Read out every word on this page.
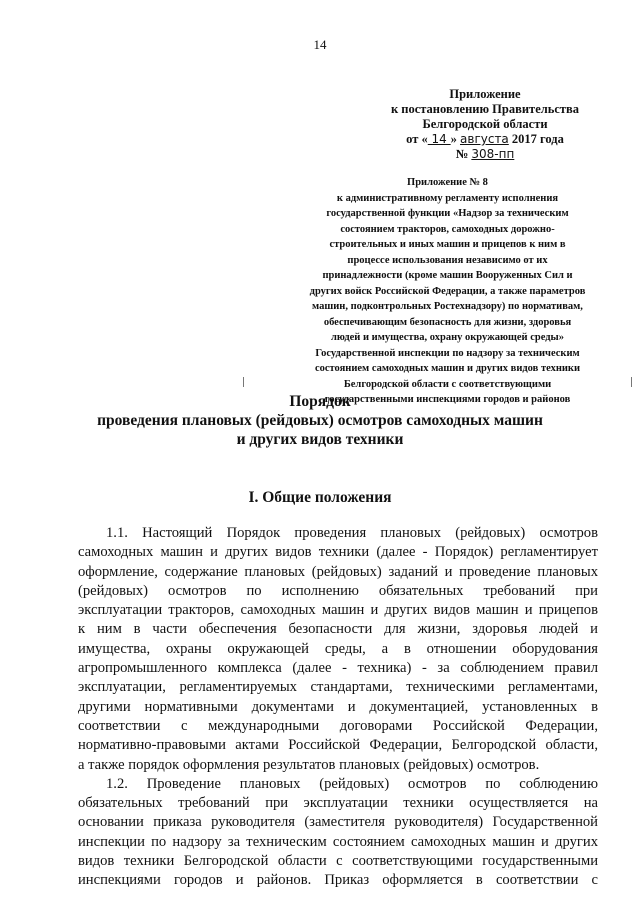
14
Приложение
к постановлению Правительства
Белгородской области
от « 14 » августа 2017 года
№ 308-пп
Приложение № 8
к административному регламенту исполнения
государственной функции «Надзор за техническим
состоянием тракторов, самоходных дорожно-
строительных и иных машин и прицепов к ним в
процессе использования независимо от их
принадлежности (кроме машин Вооруженных Сил и
других войск Российской Федерации, а также параметров
машин, подконтрольных Ростехнадзору) по нормативам,
обеспечивающим безопасность для жизни, здоровья
людей и имущества, охрану окружающей среды»
Государственной инспекции по надзору за техническим
состоянием самоходных машин и других видов техники
Белгородской области с соответствующими
государственными инспекциями городов и районов
Порядок
проведения плановых (рейдовых) осмотров самоходных машин
и других видов техники
I. Общие положения
1.1. Настоящий Порядок проведения плановых (рейдовых) осмотров
самоходных машин и других видов техники (далее - Порядок) регламентирует
оформление, содержание плановых (рейдовых) заданий и проведение плановых
(рейдовых) осмотров по исполнению обязательных требований при
эксплуатации тракторов, самоходных машин и других видов машин и прицепов
к ним в части обеспечения безопасности для жизни, здоровья людей и
имущества, охраны окружающей среды, а в отношении оборудования
агропромышленного комплекса (далее - техника) - за соблюдением правил
эксплуатации, регламентируемых стандартами, техническими регламентами,
другими нормативными документами и документацией, установленных в
соответствии с международными договорами Российской Федерации,
нормативно-правовыми актами Российской Федерации, Белгородской области,
а также порядок оформления результатов плановых (рейдовых) осмотров.
1.2. Проведение плановых (рейдовых) осмотров по соблюдению
обязательных требований при эксплуатации техники осуществляется на
основании приказа руководителя (заместителя руководителя) Государственной
инспекции по надзору за техническим состоянием самоходных машин и других
видов техники Белгородской области с соответствующими государственными
инспекциями городов и районов. Приказ оформляется в соответствии с
